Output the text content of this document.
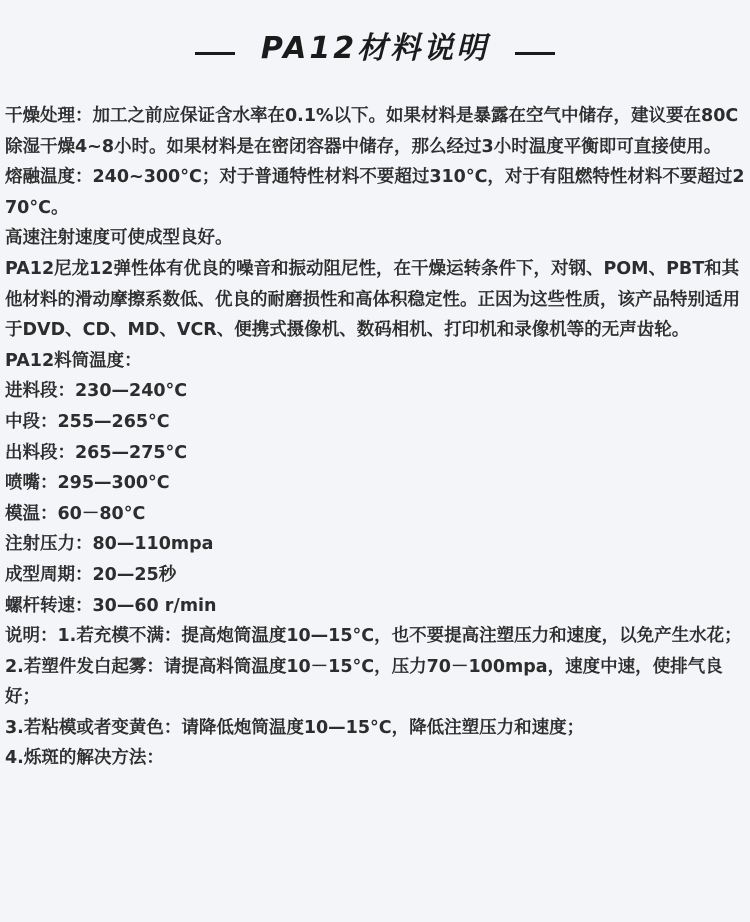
PA12材料说明

干燥处理：加工之前应保证含水率在0.1%以下。如果材料是暴露在空气中储存，建议要在80C除湿干燥4~8小时。如果材料是在密闭容器中储存，那么经过3小时温度平衡即可直接使用。

熔融温度：240~300°C；对于普通特性材料不要超过310°C，对于有阻燃特性材料不要超过270°C。

高速注射速度可使成型良好。

PA12尼龙12弹性体有优良的噪音和振动阻尼性，在干燥运转条件下，对钢、POM、PBT和其他材料的滑动摩擦系数低、优良的耐磨损性和高体积稳定性。正因为这些性质，该产品特别适用于DVD、CD、MD、VCR、便携式摄像机、数码相机、打印机和录像机等的无声齿轮。

PA12料筒温度：

进料段：230—240°C

中段：255—265°C

出料段：265—275°C

喷嘴：295—300°C

模温：60－80°C

注射压力：80—110mpa

成型周期：20—25秒

螺杆转速：30—60 r/min

说明：1.若充模不满：提高炮筒温度10—15°C，也不要提高注塑压力和速度，以免产生水花；

2.若塑件发白起雾：请提高料筒温度10－15°C，压力70－100mpa，速度中速，使排气良好；

3.若粘模或者变黄色：请降低炮筒温度10—15°C，降低注塑压力和速度；

4.烁斑的解决方法：
